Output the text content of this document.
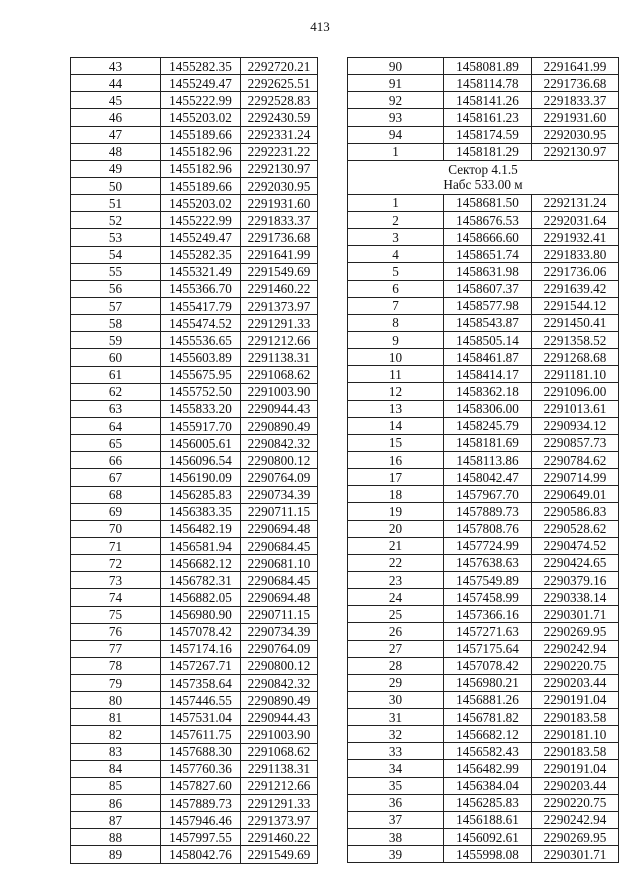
413
43	1455282.35	2292720.21
44	1455249.47	2292625.51
45	1455222.99	2292528.83
46	1455203.02	2292430.59
47	1455189.66	2292331.24
48	1455182.96	2292231.22
49	1455182.96	2292130.97
50	1455189.66	2292030.95
51	1455203.02	2291931.60
52	1455222.99	2291833.37
53	1455249.47	2291736.68
54	1455282.35	2291641.99
55	1455321.49	2291549.69
56	1455366.70	2291460.22
57	1455417.79	2291373.97
58	1455474.52	2291291.33
59	1455536.65	2291212.66
60	1455603.89	2291138.31
61	1455675.95	2291068.62
62	1455752.50	2291003.90
63	1455833.20	2290944.43
64	1455917.70	2290890.49
65	1456005.61	2290842.32
66	1456096.54	2290800.12
67	1456190.09	2290764.09
68	1456285.83	2290734.39
69	1456383.35	2290711.15
70	1456482.19	2290694.48
71	1456581.94	2290684.45
72	1456682.12	2290681.10
73	1456782.31	2290684.45
74	1456882.05	2290694.48
75	1456980.90	2290711.15
76	1457078.42	2290734.39
77	1457174.16	2290764.09
78	1457267.71	2290800.12
79	1457358.64	2290842.32
80	1457446.55	2290890.49
81	1457531.04	2290944.43
82	1457611.75	2291003.90
83	1457688.30	2291068.62
84	1457760.36	2291138.31
85	1457827.60	2291212.66
86	1457889.73	2291291.33
87	1457946.46	2291373.97
88	1457997.55	2291460.22
89	1458042.76	2291549.69
90	1458081.89	2291641.99
91	1458114.78	2291736.68
92	1458141.26	2291833.37
93	1458161.23	2291931.60
94	1458174.59	2292030.95
1	1458181.29	2292130.97

Сектор 4.1.5
Набс 533.00 м		

1	1458681.50	2292131.24
2	1458676.53	2292031.64
3	1458666.60	2291932.41
4	1458651.74	2291833.80
5	1458631.98	2291736.06
6	1458607.37	2291639.42
7	1458577.98	2291544.12
8	1458543.87	2291450.41
9	1458505.14	2291358.52
10	1458461.87	2291268.68
11	1458414.17	2291181.10
12	1458362.18	2291096.00
13	1458306.00	2291013.61
14	1458245.79	2290934.12
15	1458181.69	2290857.73
16	1458113.86	2290784.62
17	1458042.47	2290714.99
18	1457967.70	2290649.01
19	1457889.73	2290586.83
20	1457808.76	2290528.62
21	1457724.99	2290474.52
22	1457638.63	2290424.65
23	1457549.89	2290379.16
24	1457458.99	2290338.14
25	1457366.16	2290301.71
26	1457271.63	2290269.95
27	1457175.64	2290242.94
28	1457078.42	2290220.75
29	1456980.21	2290203.44
30	1456881.26	2290191.04
31	1456781.82	2290183.58
32	1456682.12	2290181.10
33	1456582.43	2290183.58
34	1456482.99	2290191.04
35	1456384.04	2290203.44
36	1456285.83	2290220.75
37	1456188.61	2290242.94
38	1456092.61	2290269.95
39	1455998.08	2290301.71
